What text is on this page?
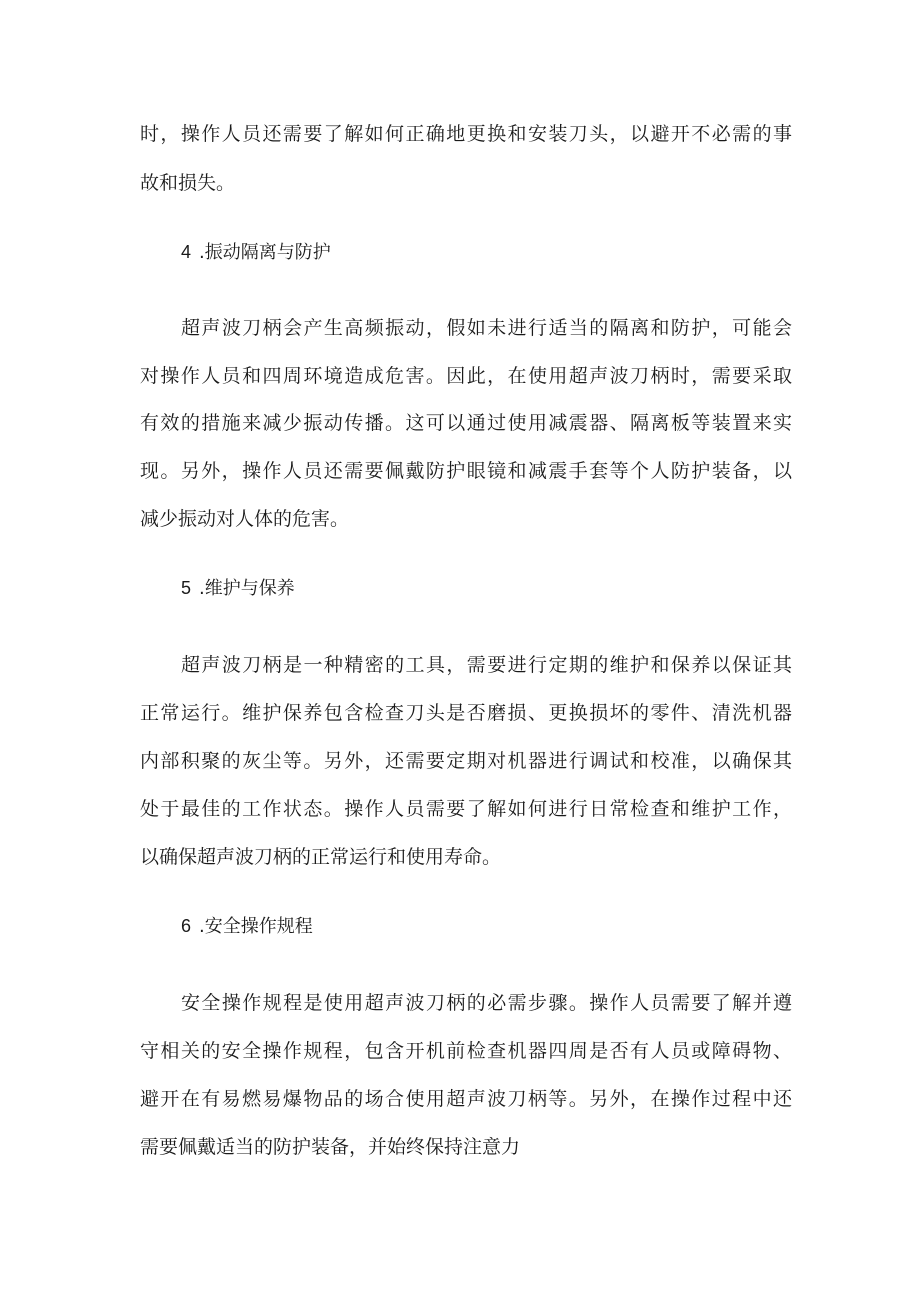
时，操作人员还需要了解如何正确地更换和安装刀头，以避开不必需的事
故和损失。
4 .振动隔离与防护
超声波刀柄会产生高频振动，假如未进行适当的隔离和防护，可能会
对操作人员和四周环境造成危害。因此，在使用超声波刀柄时，需要采取
有效的措施来减少振动传播。这可以通过使用减震器、隔离板等装置来实
现。另外，操作人员还需要佩戴防护眼镜和减震手套等个人防护装备，以
减少振动对人体的危害。
5 .维护与保养
超声波刀柄是一种精密的工具，需要进行定期的维护和保养以保证其
正常运行。维护保养包含检查刀头是否磨损、更换损坏的零件、清洗机器
内部积聚的灰尘等。另外，还需要定期对机器进行调试和校准，以确保其
处于最佳的工作状态。操作人员需要了解如何进行日常检查和维护工作，
以确保超声波刀柄的正常运行和使用寿命。
6 .安全操作规程
安全操作规程是使用超声波刀柄的必需步骤。操作人员需要了解并遵
守相关的安全操作规程，包含开机前检查机器四周是否有人员或障碍物、
避开在有易燃易爆物品的场合使用超声波刀柄等。另外，在操作过程中还
需要佩戴适当的防护装备，并始终保持注意力
